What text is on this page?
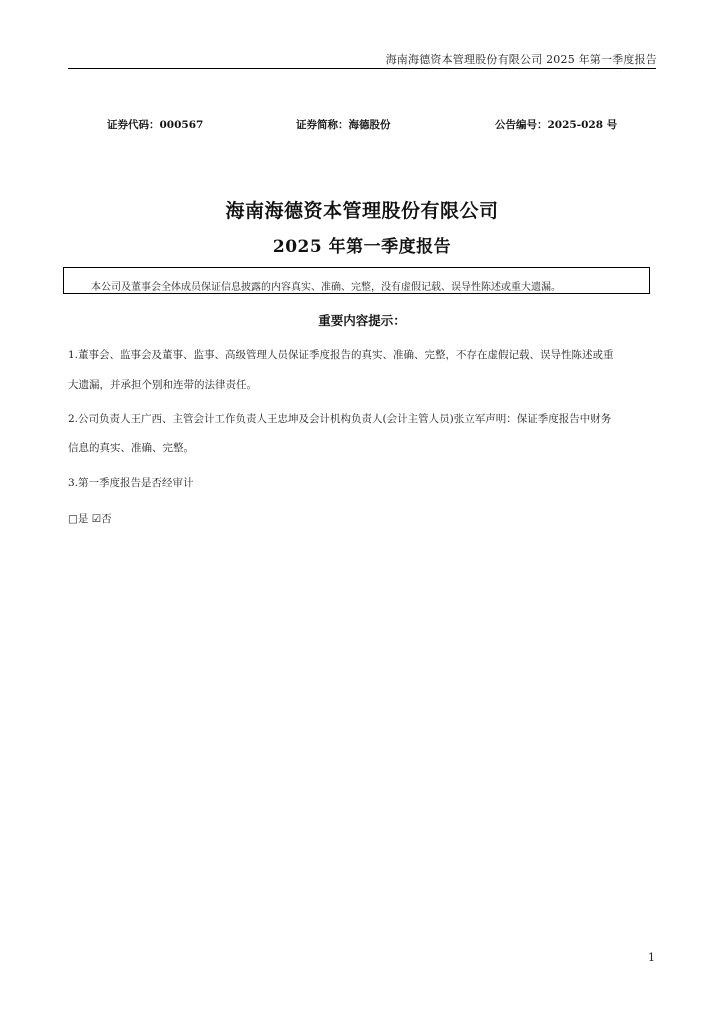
海南海德资本管理股份有限公司 2025 年第一季度报告
证券代码：000567	证券简称：海德股份	公告编号：2025-028 号
海南海德资本管理股份有限公司
2025 年第一季度报告
本公司及董事会全体成员保证信息披露的内容真实、准确、完整，没有虚假记载、误导性陈述或重大遗漏。
重要内容提示：
1.董事会、监事会及董事、监事、高级管理人员保证季度报告的真实、准确、完整，不存在虚假记载、误导性陈述或重
大遗漏，并承担个别和连带的法律责任。
2.公司负责人王广西、主管会计工作负责人王忠坤及会计机构负责人(会计主管人员)张立军声明：保证季度报告中财务
信息的真实、准确、完整。
3.第一季度报告是否经审计
□是 ☑否
1
